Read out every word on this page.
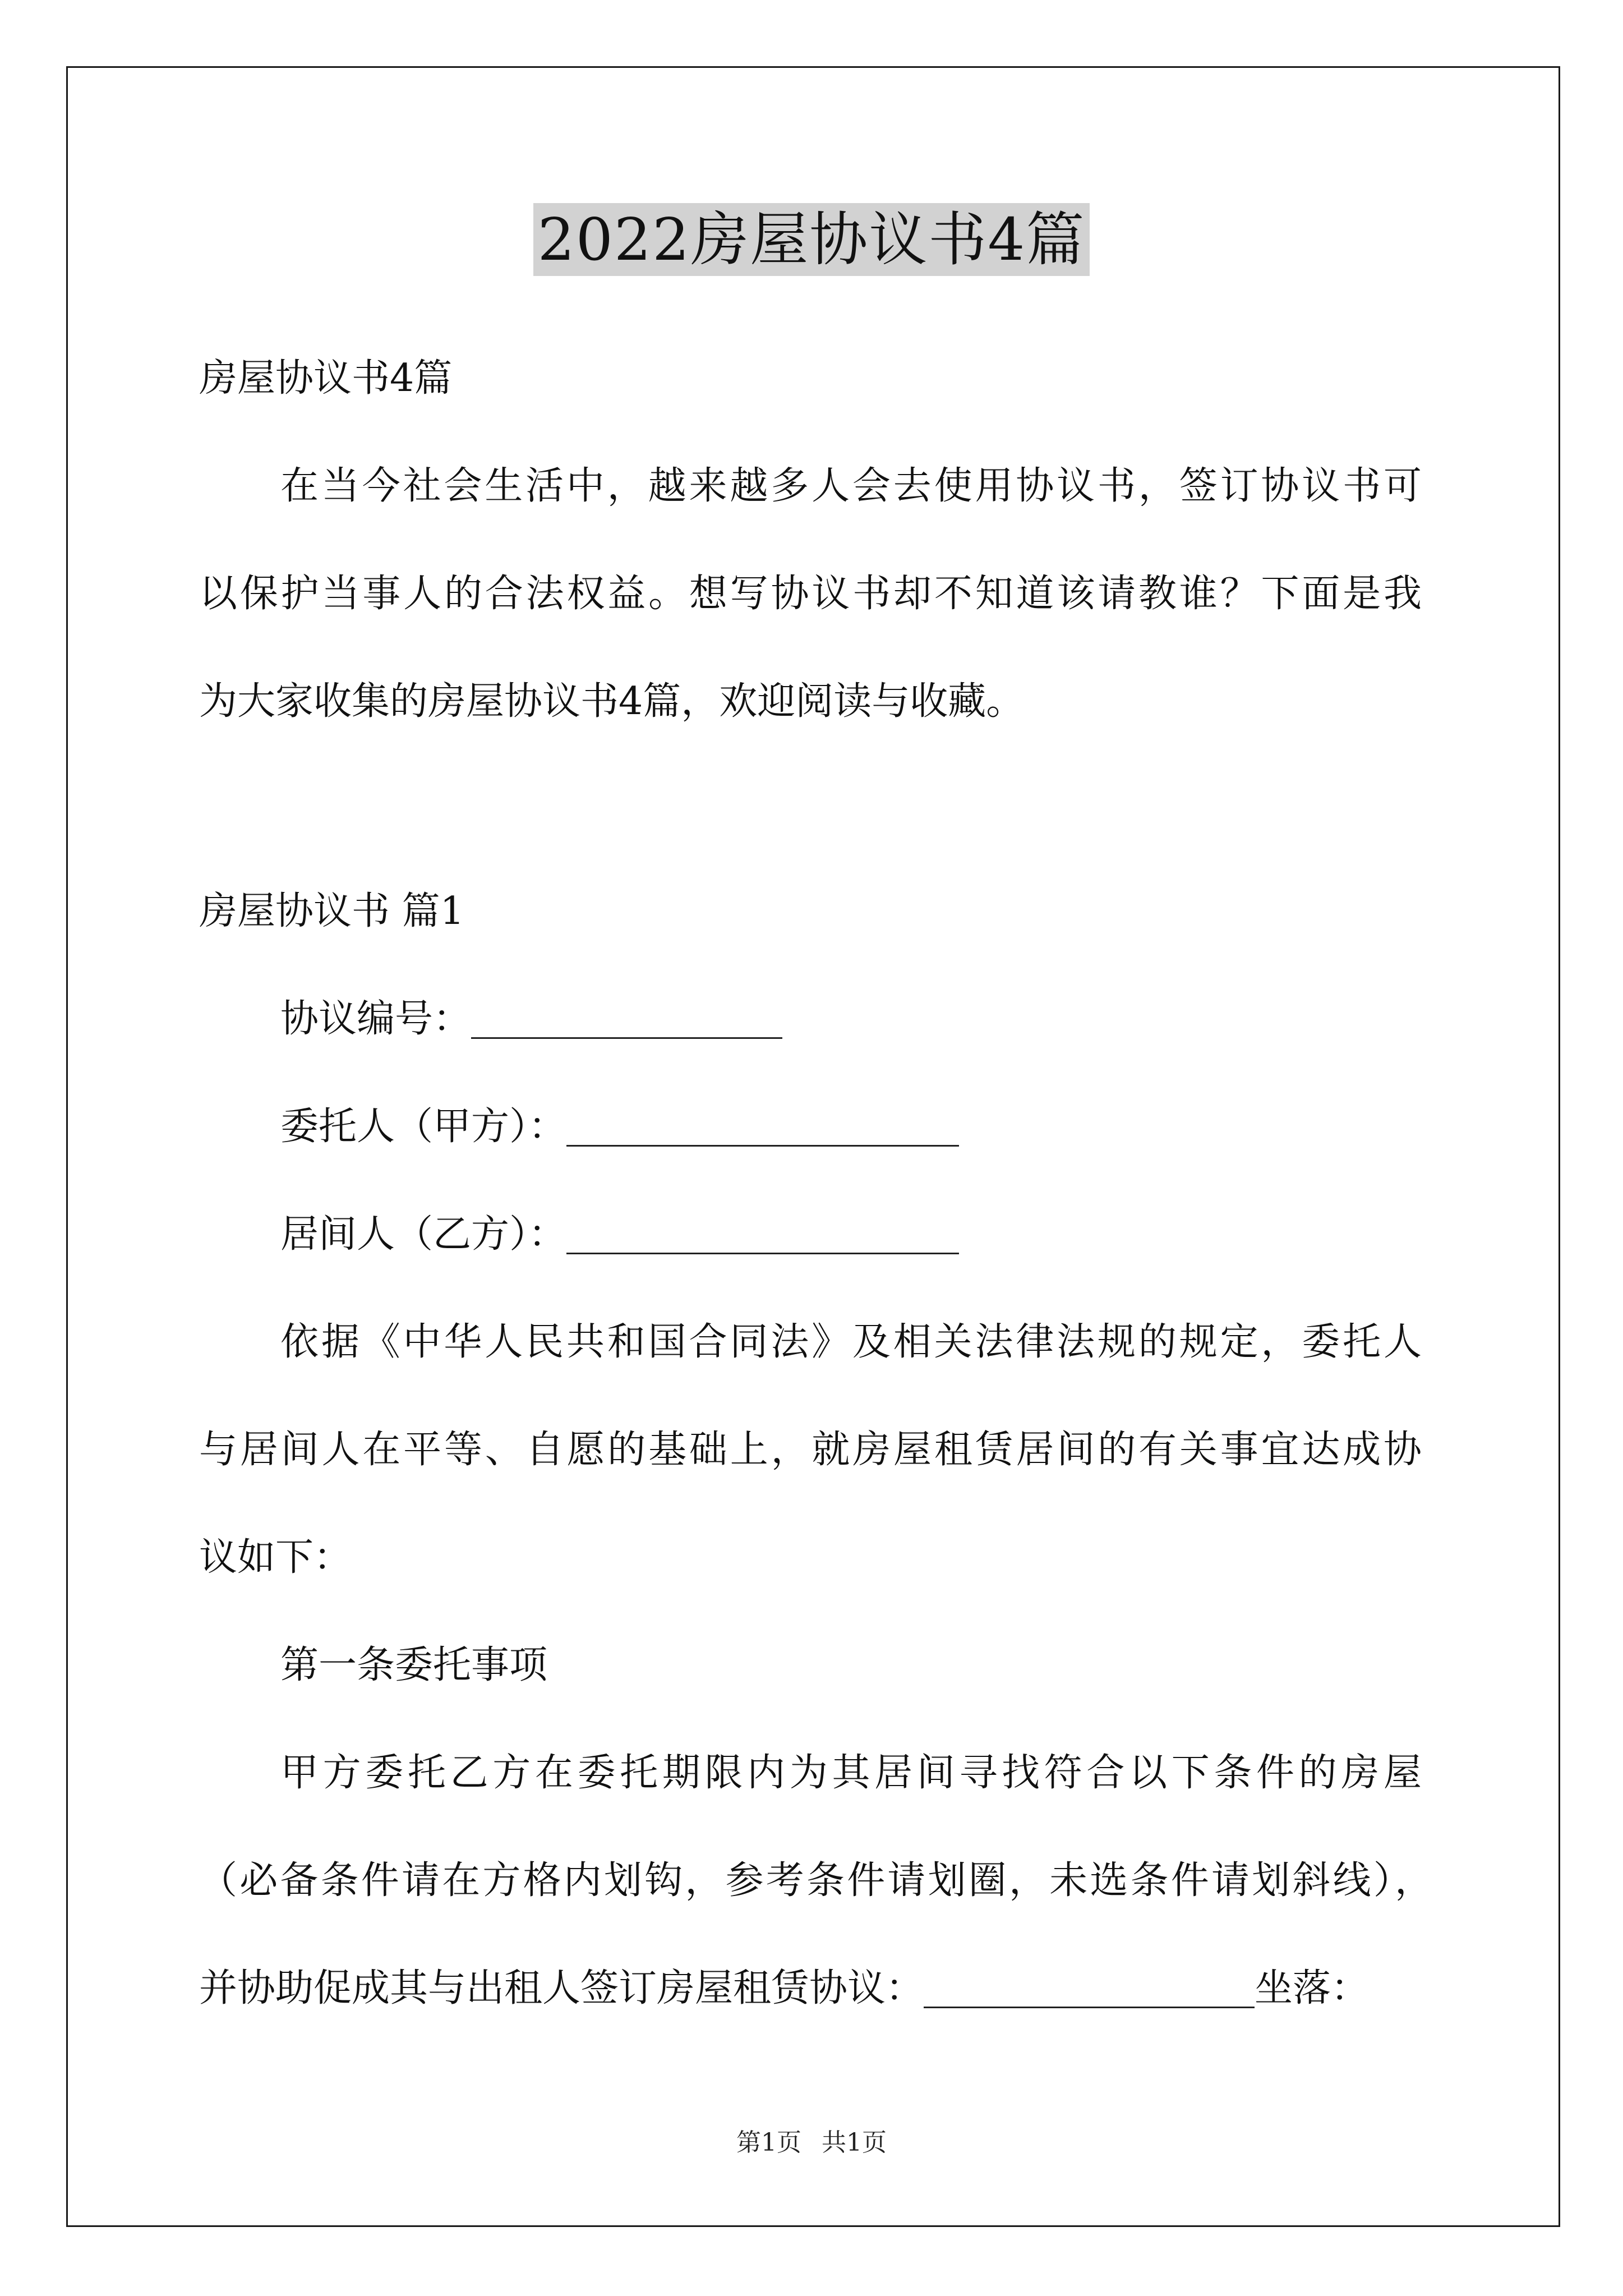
2022房屋协议书4篇
房屋协议书4篇
在当今社会生活中，越来越多人会去使用协议书，签订协议书可
以保护当事人的合法权益。想写协议书却不知道该请教谁？下面是我
为大家收集的房屋协议书4篇，欢迎阅读与收藏。
房屋协议书 篇1
协议编号：
委托人（甲方）：
居间人（乙方）：
依据《中华人民共和国合同法》及相关法律法规的规定，委托人
与居间人在平等、自愿的基础上，就房屋租赁居间的有关事宜达成协
议如下：
第一条委托事项
甲方委托乙方在委托期限内为其居间寻找符合以下条件的房屋
（必备条件请在方格内划钩，参考条件请划圈，未选条件请划斜线），
并协助促成其与出租人签订房屋租赁协议：	坐落：
第1页 共1页
